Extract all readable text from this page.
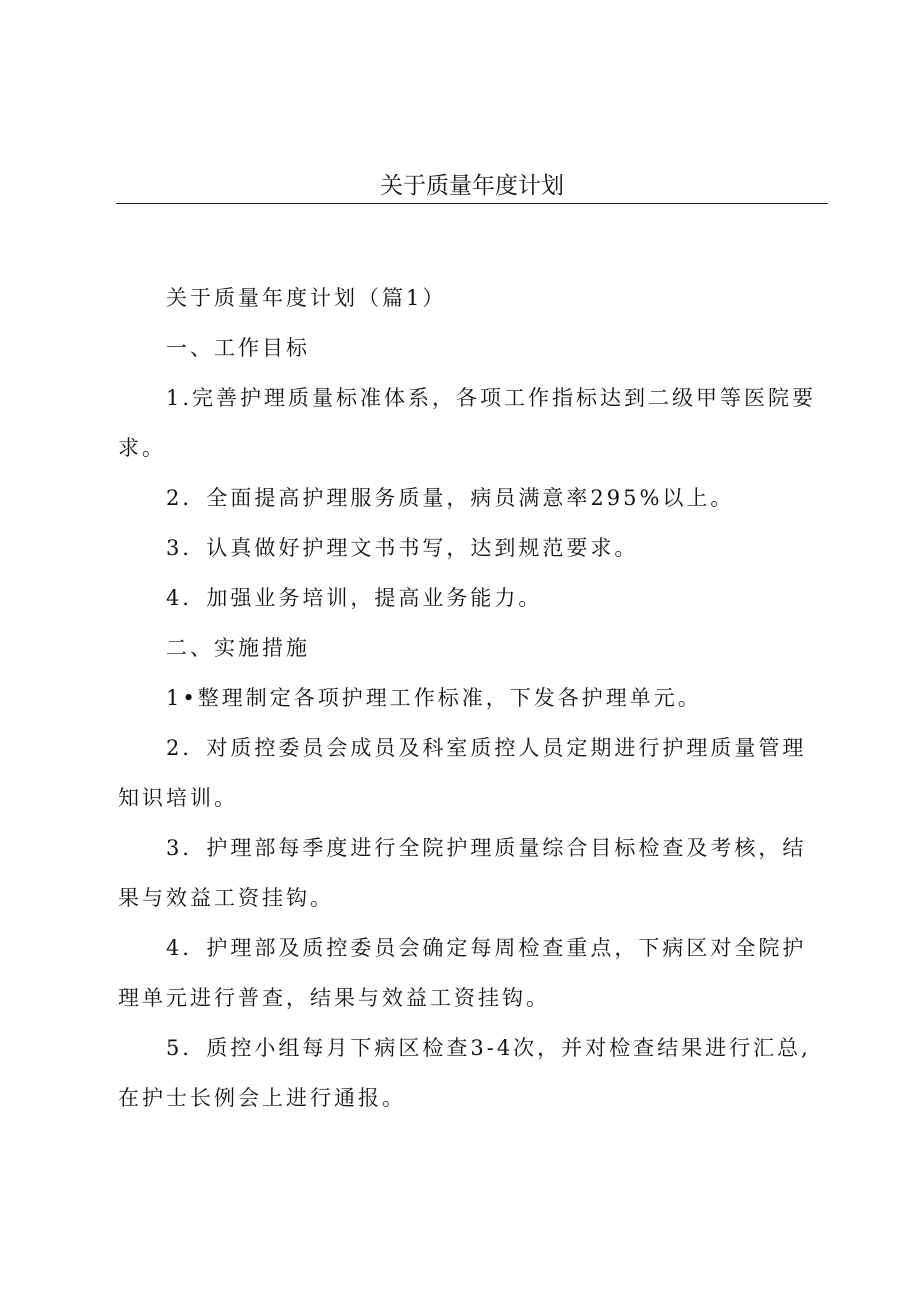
关于质量年度计划

关于质量年度计划（篇1）

一、工作目标

1.完善护理质量标准体系，各项工作指标达到二级甲等医院要求。

2．全面提高护理服务质量，病员满意率295%以上。

3．认真做好护理文书书写，达到规范要求。

4．加强业务培训，提高业务能力。

二、实施措施

1•整理制定各项护理工作标准，下发各护理单元。

2．对质控委员会成员及科室质控人员定期进行护理质量管理知识培训。

3．护理部每季度进行全院护理质量综合目标检查及考核，结果与效益工资挂钩。

4．护理部及质控委员会确定每周检查重点，下病区对全院护理单元进行普查，结果与效益工资挂钩。

5．质控小组每月下病区检查3-4次，并对检查结果进行汇总,在护士长例会上进行通报。
